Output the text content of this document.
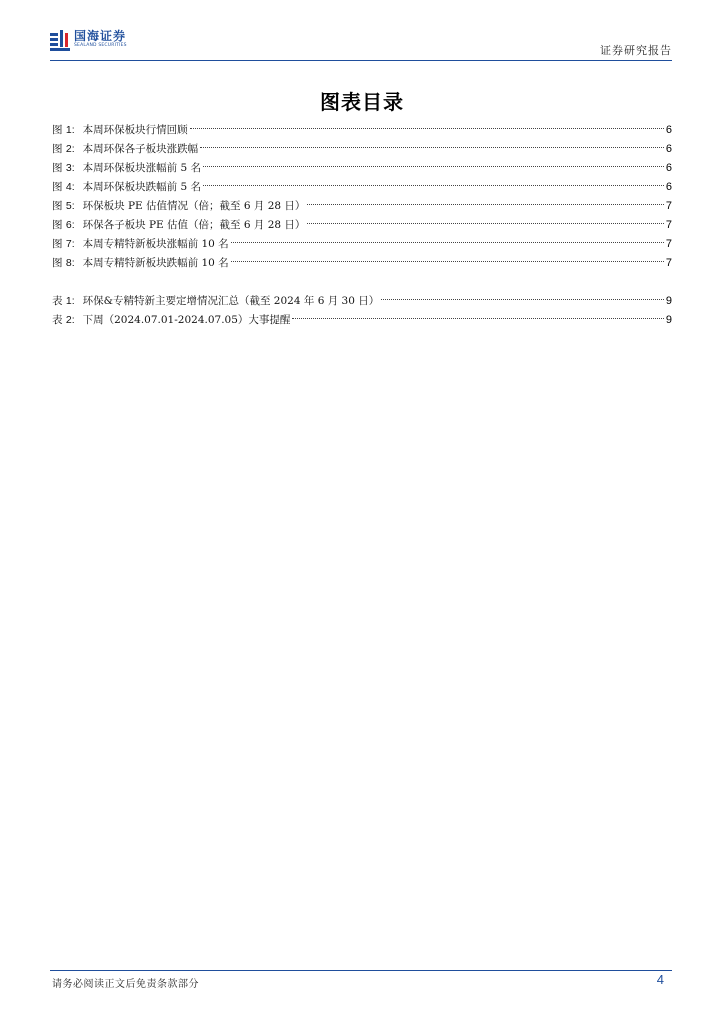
国海证券
SEALAND SECURITIES	证券研究报告
图表目录
图 1: 本周环保板块行情回顾	6
图 2: 本周环保各子板块涨跌幅	6
图 3: 本周环保板块涨幅前 5 名	6
图 4: 本周环保板块跌幅前 5 名	6
图 5: 环保板块 PE 估值情况（倍；截至 6 月 28 日）	7
图 6: 环保各子板块 PE 估值（倍；截至 6 月 28 日）	7
图 7: 本周专精特新板块涨幅前 10 名	7
图 8: 本周专精特新板块跌幅前 10 名	7
表 1: 环保&专精特新主要定增情况汇总（截至 2024 年 6 月 30 日）	9
表 2: 下周（2024.07.01-2024.07.05）大事提醒	9
请务必阅读正文后免责条款部分	4
